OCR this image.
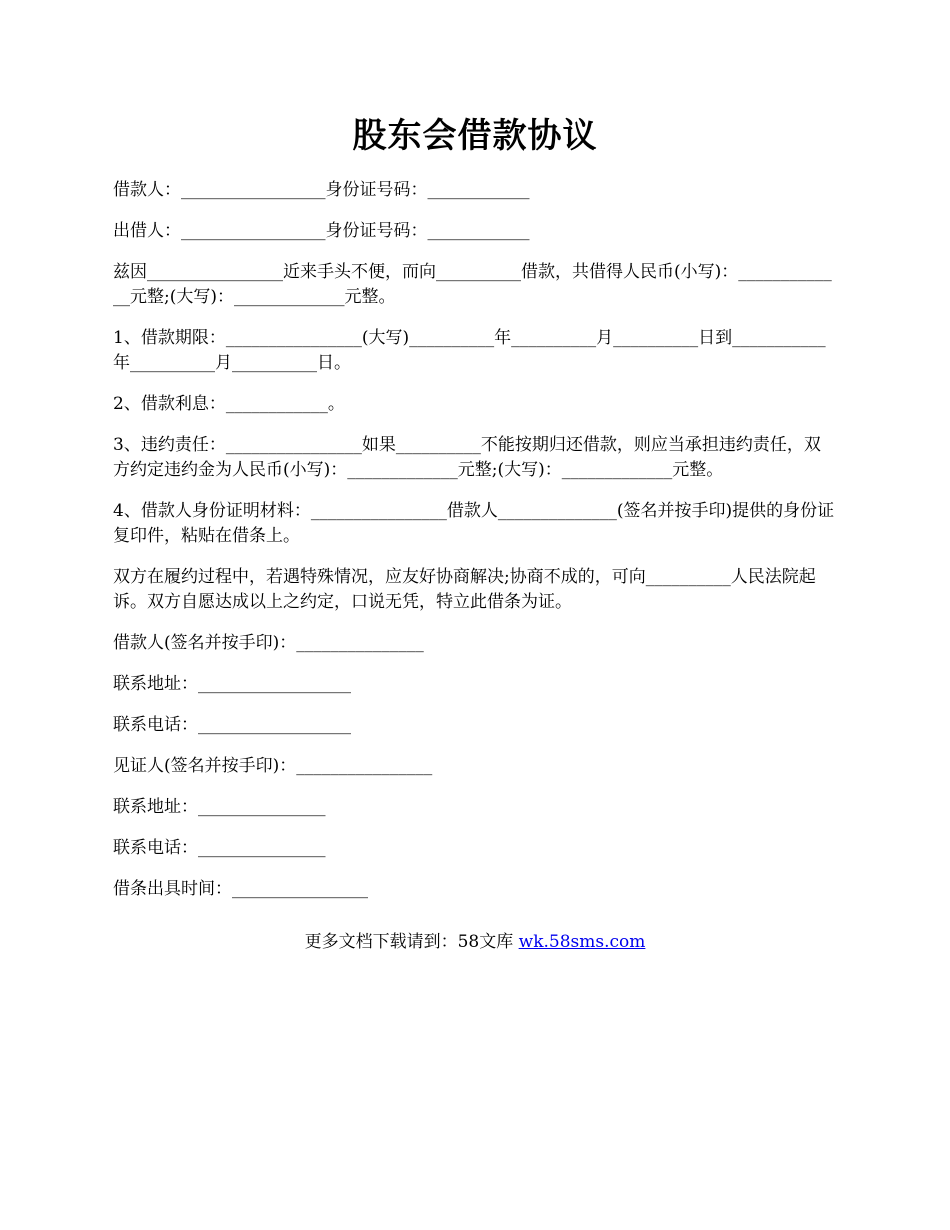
股东会借款协议

借款人：_________________身份证号码：____________

出借人：_________________身份证号码：____________

兹因________________近来手头不便，而向__________借款，共借得人民币(小写)：_____________元整;(大写)：_____________元整。

1、借款期限：________________(大写)__________年__________月__________日到___________年__________月__________日。

2、借款利息：____________。

3、违约责任：________________如果__________不能按期归还借款，则应当承担违约责任，双方约定违约金为人民币(小写)：_____________元整;(大写)：_____________元整。

4、借款人身份证明材料：________________借款人______________(签名并按手印)提供的身份证复印件，粘贴在借条上。

双方在履约过程中，若遇特殊情况，应友好协商解决;协商不成的，可向__________人民法院起诉。双方自愿达成以上之约定，口说无凭，特立此借条为证。

借款人(签名并按手印)：_______________

联系地址：__________________

联系电话：__________________

见证人(签名并按手印)：________________

联系地址：_______________

联系电话：_______________

借条出具时间：________________

更多文档下载请到：58文库 wk.58sms.com
